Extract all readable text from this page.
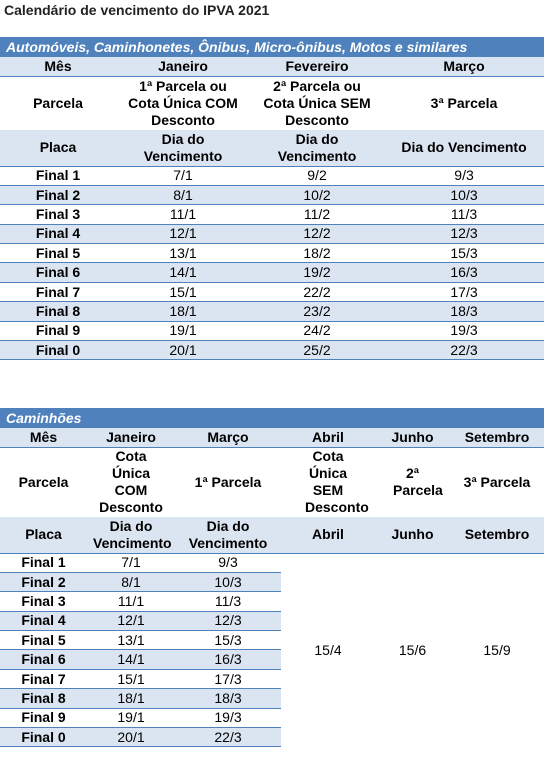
Calendário de vencimento do IPVA 2021
Automóveis, Caminhonetes, Ônibus, Micro-ônibus, Motos e similares			
Mês	Janeiro	Fevereiro	Março
Parcela	1ª Parcela ou Cota Única COM Desconto	2ª Parcela ou Cota Única SEM Desconto	3ª Parcela
Placa	Dia do Vencimento	Dia do Vencimento	Dia do Vencimento
Final 1	7/1	9/2	9/3
Final 2	8/1	10/2	10/3
Final 3	11/1	11/2	11/3
Final 4	12/1	12/2	12/3
Final 5	13/1	18/2	15/3
Final 6	14/1	19/2	16/3
Final 7	15/1	22/2	17/3
Final 8	18/1	23/2	18/3
Final 9	19/1	24/2	19/3
Final 0	20/1	25/2	22/3
Caminhões					
Mês	Janeiro	Março	Abril	Junho	Setembro
Parcela	Cota Única COM Desconto	1ª Parcela	Cota Única SEM Desconto	2ª Parcela	3ª Parcela
Placa	Dia do Vencimento	Dia do Vencimento	Abril	Junho	Setembro
Final 1	7/1	9/3	15/4	15/6	15/9
Final 2	8/1	10/3			
Final 3	11/1	11/3			
Final 4	12/1	12/3			
Final 5	13/1	15/3			
Final 6	14/1	16/3			
Final 7	15/1	17/3			
Final 8	18/1	18/3			
Final 9	19/1	19/3			
Final 0	20/1	22/3			
